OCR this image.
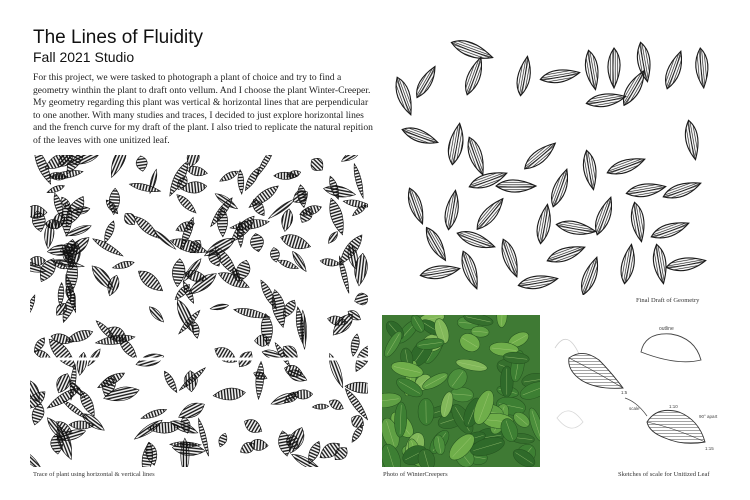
The Lines of Fluidity
Fall 2021 Studio
For this project, we were tasked to photograph a plant of choice and try to find a geometry winthin the plant to draft onto vellum. And I choose the plant Winter-Creeper. My geometry regarding this plant was vertical & horizontal lines that are perpendicular to one another. With many studies and traces, I decided to just explore horizontal lines and the french curve for my draft of the plant. I also tried to replicate the natural repition of the leaves with one unitized leaf.
Final Draft of Geometry
Trace of plant using horizontal & vertical lines	Photo of WinterCreepers
outline
1:5
scale	1:10
90° apart
1:15
Sketches of scale for Unitized Leaf
